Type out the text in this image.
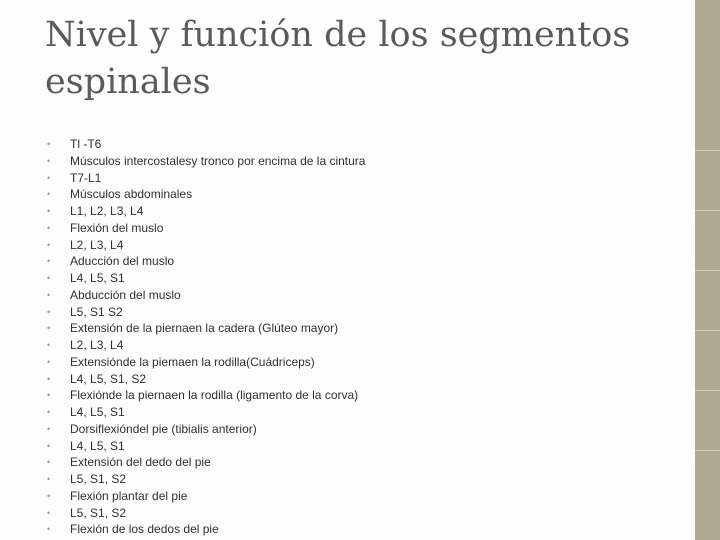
Nivel y función de los segmentos espinales
• Tl -T6
• Músculos intercostalesy tronco por encima de la cintura
• T7-L1
• Músculos abdominales
• L1, L2, L3, L4
• Flexión del muslo
• L2, L3, L4
• Aducción del muslo
• L4, L5, S1
• Abducción del muslo
• L5, S1 S2
• Extensión de la piernaen la cadera (Glúteo mayor)
• L2, L3, L4
• Extensiónde la piemaen la rodilla(Cuádriceps)
• L4, L5, S1, S2
• Flexiónde la piernaen la rodilla (ligamento de la corva)
• L4, L5, S1
• Dorsiflexióndel pie (tibialis anterior)
• L4, L5, S1
• Extensión del dedo del pie
• L5, S1, S2
• Flexión plantar del pie
• L5, S1, S2
• Flexión de los dedos del pie
